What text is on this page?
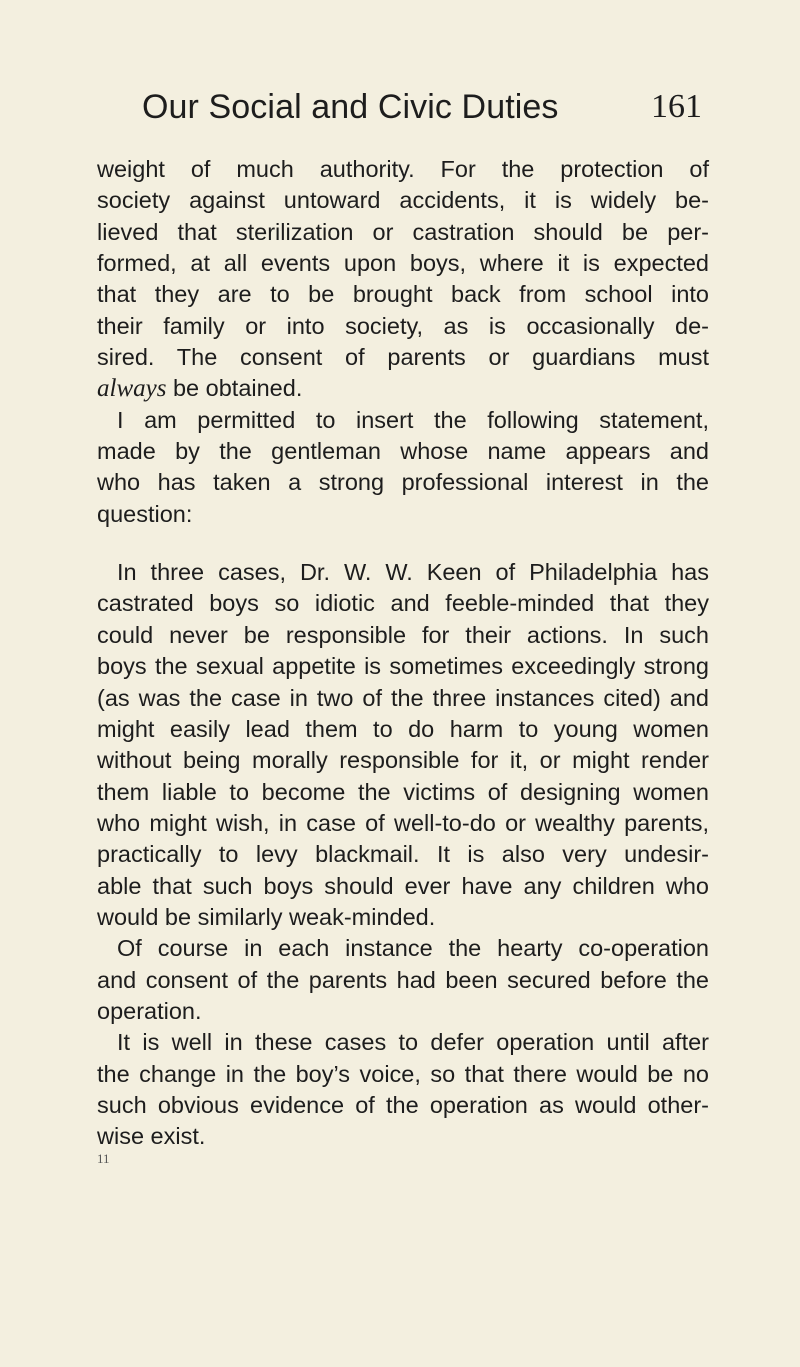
Our Social and Civic Duties	161
weight of much authority. For the protection of
society against untoward accidents, it is widely be-
lieved that sterilization or castration should be per-
formed, at all events upon boys, where it is expected
that they are to be brought back from school into
their family or into society, as is occasionally de-
sired. The consent of parents or guardians must
always be obtained.
I am permitted to insert the following statement,
made by the gentleman whose name appears and
who has taken a strong professional interest in the
question:
In three cases, Dr. W. W. Keen of Philadelphia has
castrated boys so idiotic and feeble-minded that they
could never be responsible for their actions. In such
boys the sexual appetite is sometimes exceedingly strong
(as was the case in two of the three instances cited) and
might easily lead them to do harm to young women
without being morally responsible for it, or might render
them liable to become the victims of designing women
who might wish, in case of well-to-do or wealthy parents,
practically to levy blackmail. It is also very undesir-
able that such boys should ever have any children who
would be similarly weak-minded.
Of course in each instance the hearty co-operation
and consent of the parents had been secured before the
operation.
It is well in these cases to defer operation until after
the change in the boy’s voice, so that there would be no
such obvious evidence of the operation as would other-
wise exist.
11
